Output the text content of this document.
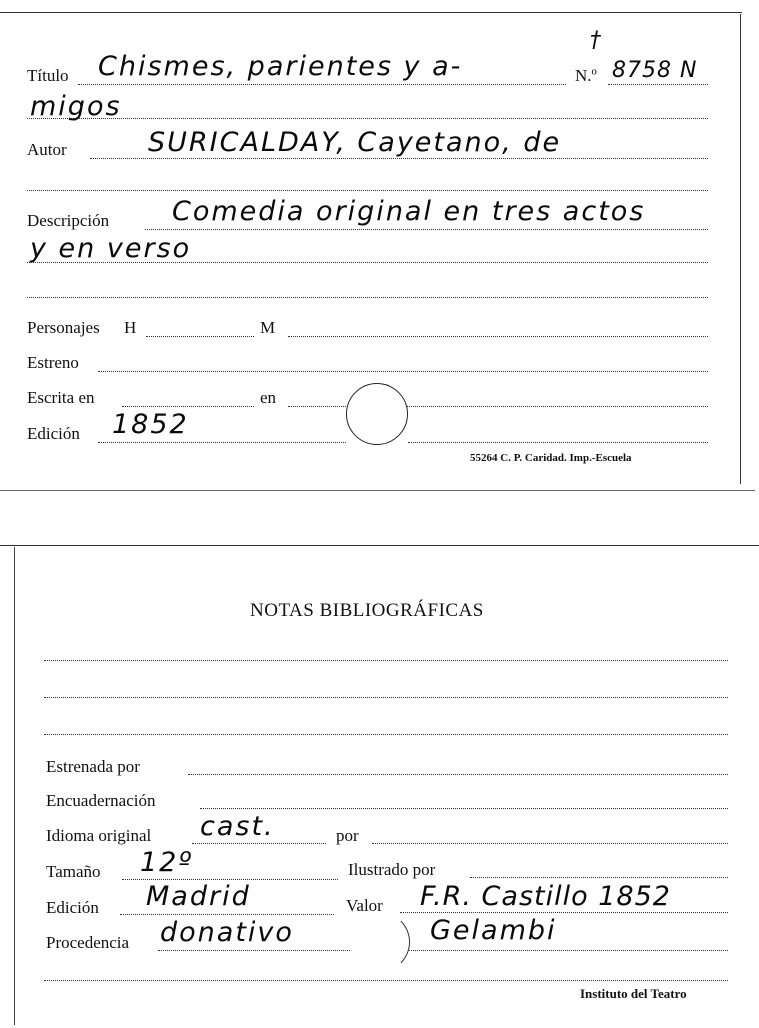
Título Chismes, parientes y a-
†
N.º 8758 N
migos
Autor	SURICALDAY, Cayetano, de
Descripción Comedia original en tres actos
y en verso
Personajes H	M
Estreno
Escrita en	en
Edición 1852
55264 C. P. Caridad. Imp.-Escuela
NOTAS BIBLIOGRÁFICAS
Estrenada por
Encuadernación
Idioma original cast.	por
Tamaño 12º	Ilustrado por
Edición Madrid	Valor F.R. Castillo 1852
Procedencia donativo	Gelambi
Instituto del Teatro
